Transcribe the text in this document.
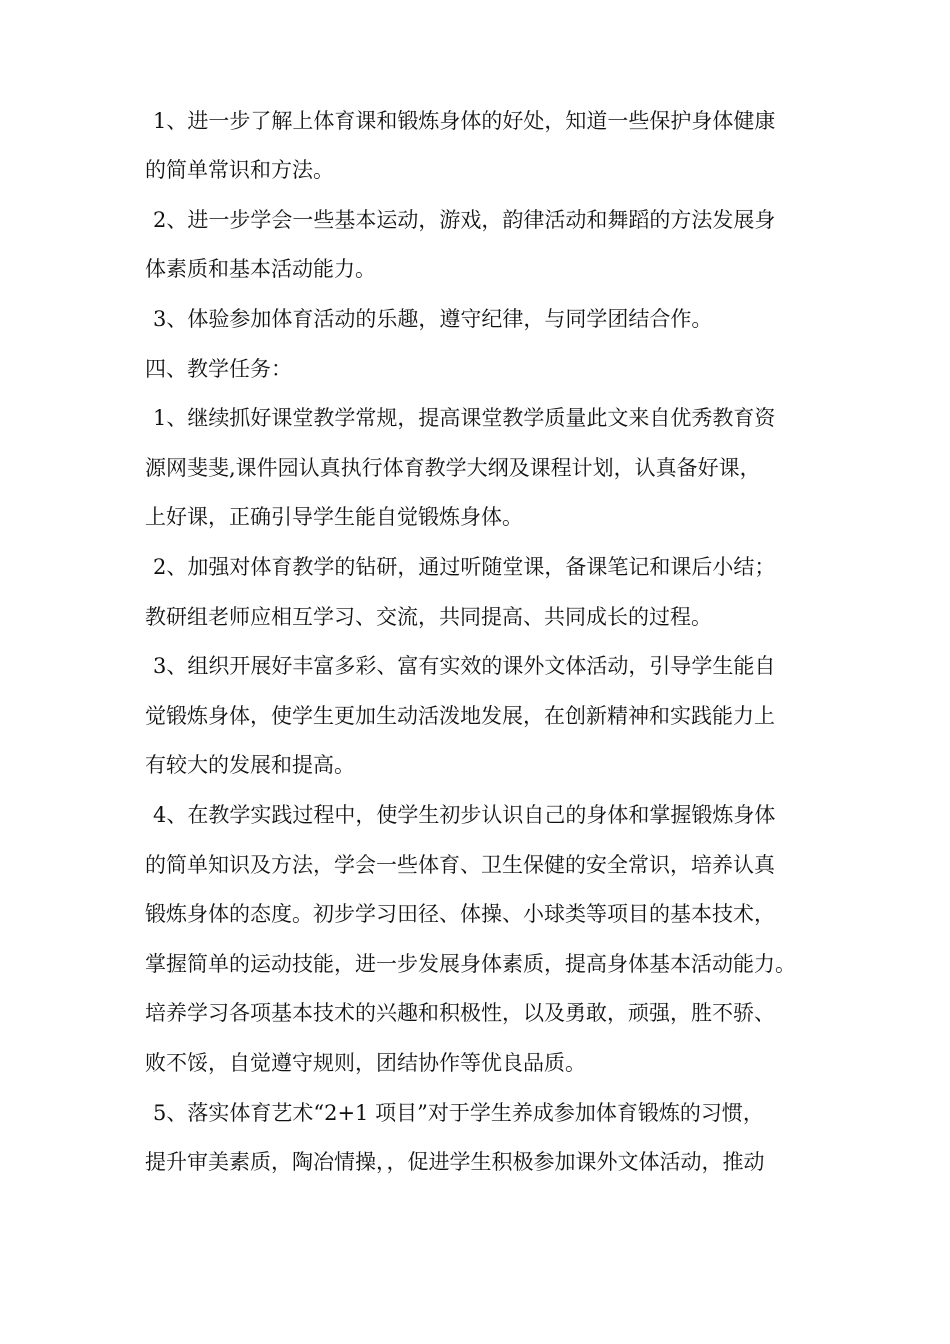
1、进一步了解上体育课和锻炼身体的好处，知道一些保护身体健康
的简单常识和方法。
2、进一步学会一些基本运动，游戏，韵律活动和舞蹈的方法发展身
体素质和基本活动能力。
3、体验参加体育活动的乐趣，遵守纪律，与同学团结合作。
四、教学任务：
1、继续抓好课堂教学常规，提高课堂教学质量此文来自优秀教育资
源网斐斐,课件园认真执行体育教学大纲及课程计划，认真备好课，
上好课，正确引导学生能自觉锻炼身体。
2、加强对体育教学的钻研，通过听随堂课，备课笔记和课后小结；
教研组老师应相互学习、交流，共同提高、共同成长的过程。
3、组织开展好丰富多彩、富有实效的课外文体活动，引导学生能自
觉锻炼身体，使学生更加生动活泼地发展，在创新精神和实践能力上
有较大的发展和提高。
4、在教学实践过程中，使学生初步认识自己的身体和掌握锻炼身体
的简单知识及方法，学会一些体育、卫生保健的安全常识，培养认真
锻炼身体的态度。初步学习田径、体操、小球类等项目的基本技术，
掌握简单的运动技能，进一步发展身体素质，提高身体基本活动能力。
培养学习各项基本技术的兴趣和积极性，以及勇敢，顽强，胜不骄、
败不馁，自觉遵守规则，团结协作等优良品质。
5、落实体育艺术“2+1 项目”对于学生养成参加体育锻炼的习惯，
提升审美素质，陶冶情操，，促进学生积极参加课外文体活动，推动
